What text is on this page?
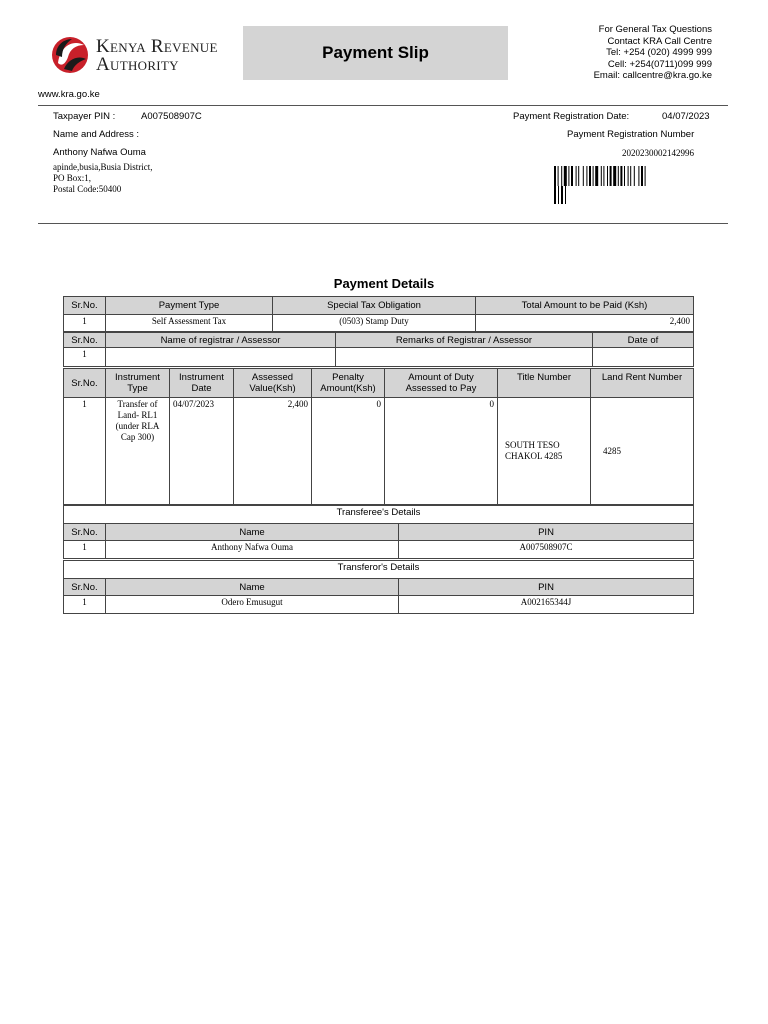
Kenya Revenue
Authority
Payment Slip
For General Tax Questions
Contact KRA Call Centre
Tel: +254 (020) 4999 999
Cell: +254(0711)099 999
Email: callcentre@kra.go.ke
www.kra.go.ke
Taxpayer PIN :	A007508907C
Name and Address :
Anthony Nafwa Ouma
apinde,busia,Busia District,
PO Box:1,
Postal Code:50400
Payment Registration Date:	04/07/2023
Payment Registration Number
2020230002142996
Payment Details
Sr.No.	Payment Type	Special Tax Obligation	Total Amount to be Paid (Ksh)
1	Self Assessment Tax	(0503) Stamp Duty	2,400
Sr.No.	Name of registrar / Assessor	Remarks of Registrar / Assessor	Date of
1			
Sr.No.	Instrument Type	Instrument Date	Assessed Value(Ksh)	Penalty Amount(Ksh)	Amount of Duty Assessed to Pay	Title Number	Land Rent Number
1	Transfer of Land- RL1 (under RLA Cap 300)	04/07/2023	2,400	0	0	SOUTH TESO CHAKOL 4285	4285
Transferee's Details		
Sr.No.	Name	PIN
1	Anthony Nafwa Ouma	A007508907C
Transferor's Details		
Sr.No.	Name	PIN
1	Odero Emusugut	A002165344J
